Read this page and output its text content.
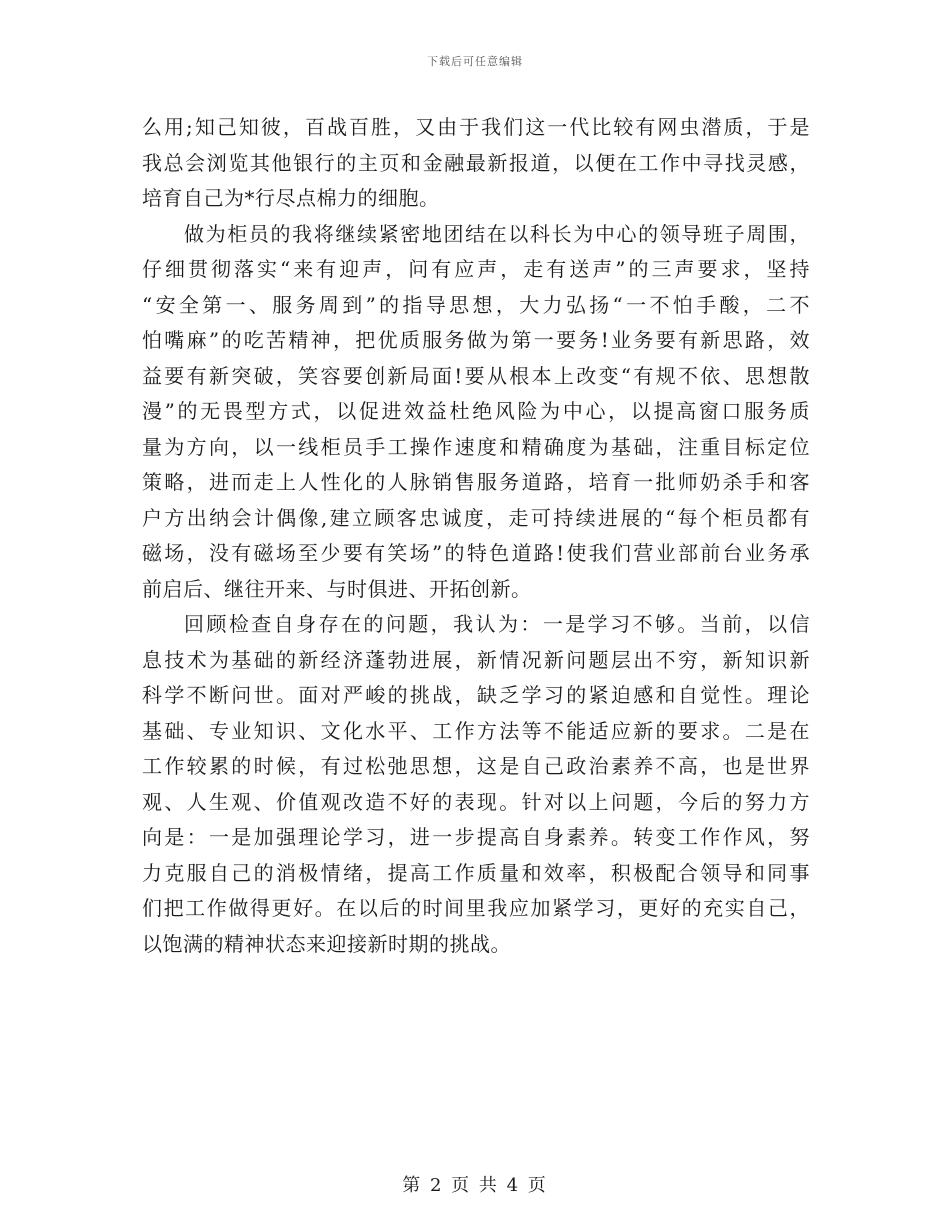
下载后可任意编辑
么用;知己知彼，百战百胜，又由于我们这一代比较有网虫潜质，于是
我总会浏览其他银行的主页和金融最新报道，以便在工作中寻找灵感，
培育自己为*行尽点棉力的细胞。
做为柜员的我将继续紧密地团结在以科长为中心的领导班子周围，
仔细贯彻落实“来有迎声，问有应声，走有送声”的三声要求，坚持
“安全第一、服务周到”的指导思想，大力弘扬“一不怕手酸，二不
怕嘴麻”的吃苦精神，把优质服务做为第一要务!业务要有新思路，效
益要有新突破，笑容要创新局面!要从根本上改变“有规不依、思想散
漫”的无畏型方式，以促进效益杜绝风险为中心，以提高窗口服务质
量为方向，以一线柜员手工操作速度和精确度为基础，注重目标定位
策略，进而走上人性化的人脉销售服务道路，培育一批师奶杀手和客
户方出纳会计偶像,建立顾客忠诚度，走可持续进展的“每个柜员都有
磁场，没有磁场至少要有笑场”的特色道路!使我们营业部前台业务承
前启后、继往开来、与时俱进、开拓创新。
回顾检查自身存在的问题，我认为：一是学习不够。当前，以信
息技术为基础的新经济蓬勃进展，新情况新问题层出不穷，新知识新
科学不断问世。面对严峻的挑战，缺乏学习的紧迫感和自觉性。理论
基础、专业知识、文化水平、工作方法等不能适应新的要求。二是在
工作较累的时候，有过松弛思想，这是自己政治素养不高，也是世界
观、人生观、价值观改造不好的表现。针对以上问题，今后的努力方
向是：一是加强理论学习，进一步提高自身素养。转变工作作风，努
力克服自己的消极情绪，提高工作质量和效率，积极配合领导和同事
们把工作做得更好。在以后的时间里我应加紧学习，更好的充实自己，
以饱满的精神状态来迎接新时期的挑战。
第 2 页 共 4 页
